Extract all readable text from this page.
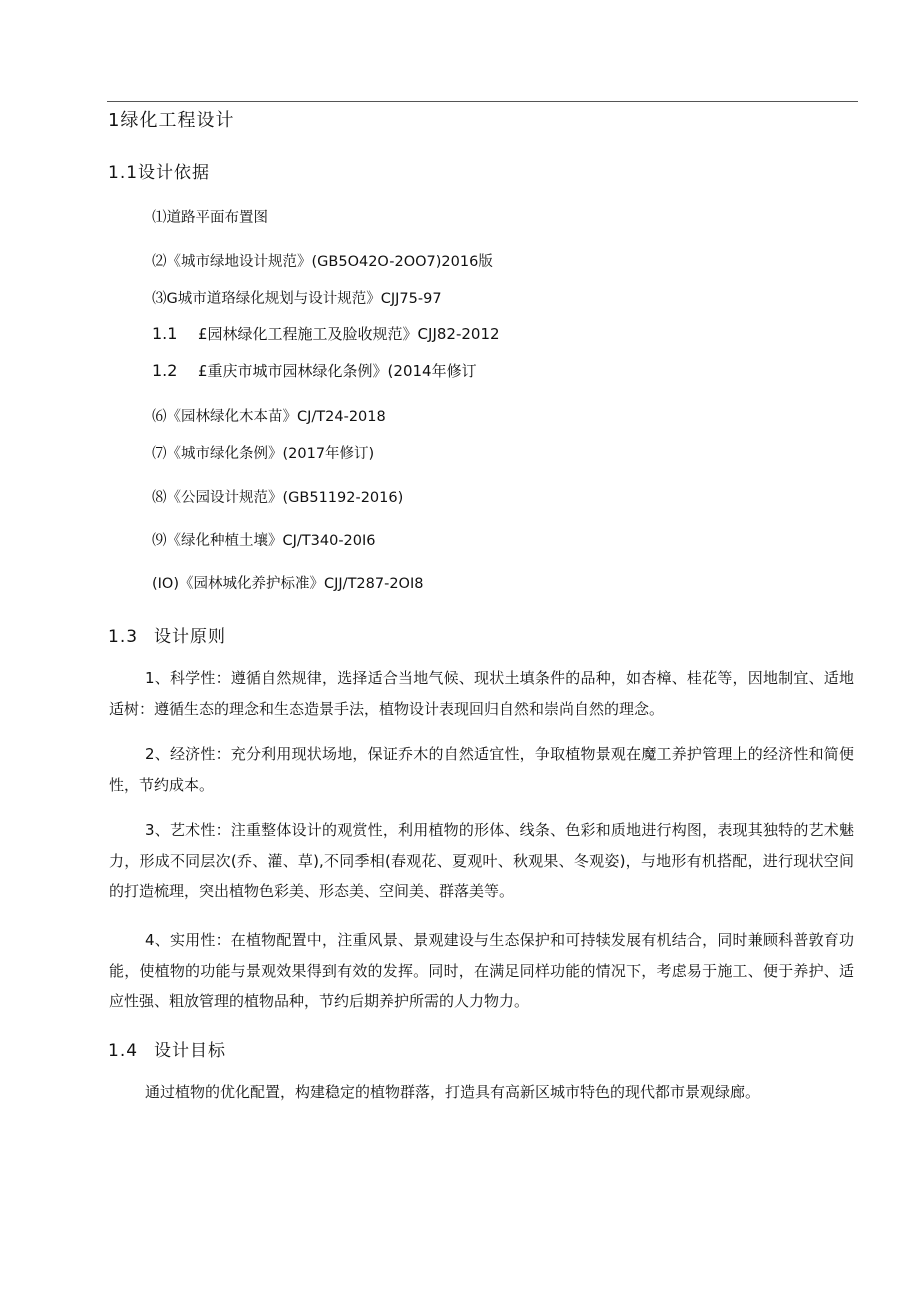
1绿化工程设计
1.1设计依据
⑴道路平面布置图
⑵《城市绿地设计规范》(GB5O42O-2OO7)2016版
⑶G城市道珞绿化规划与设计规范》CJJ75-97
1.1 £园林绿化工程施工及脸收规范》CJJ82-2012
1.2 £重庆市城市园林绿化条例》(2014年修订
⑹《园林绿化木本苗》CJ/T24-2018
⑺《城市绿化条例》(2017年修订)
⑻《公园设计规范》(GB51192-2016)
⑼《绿化种植土壤》CJ/T340-20I6
(IO)《园林城化养护标准》CJJ/T287-2OI8
1.3 设计原则

1、科学性：遵循自然规律，选择适合当地气候、现状土填条件的品种，如杏樟、桂花等，因地制宜、适地适树：遵循生态的理念和生态造景手法，植物设计表现回归自然和崇尚自然的理念。

2、经济性：充分利用现状场地，保证乔木的自然适宜性，争取植物景观在魔工养护管理上的经济性和简便性，节约成本。

3、艺术性：注重整体设计的观赏性，利用植物的形体、线条、色彩和质地进行构图，表现其独特的艺术魅力，形成不同层次(乔、灌、草),不同季相(春观花、夏观叶、秋观果、冬观姿)，与地形有机搭配，进行现状空间的打造梳理，突出植物色彩美、形态美、空间美、群落美等。

4、实用性：在植物配置中，注重风景、景观建设与生态保护和可持犊发展有机结合，同时兼顾科普敦育功能，使植物的功能与景观效果得到有效的发挥。同时，在满足同样功能的情况下，考虑易于施工、便于养护、适应性强、粗放管理的植物品种，节约后期养护所需的人力物力。

1.4 设计目标

通过植物的优化配置，构建稳定的植物群落，打造具有高新区城市特色的现代都市景观绿廊。
